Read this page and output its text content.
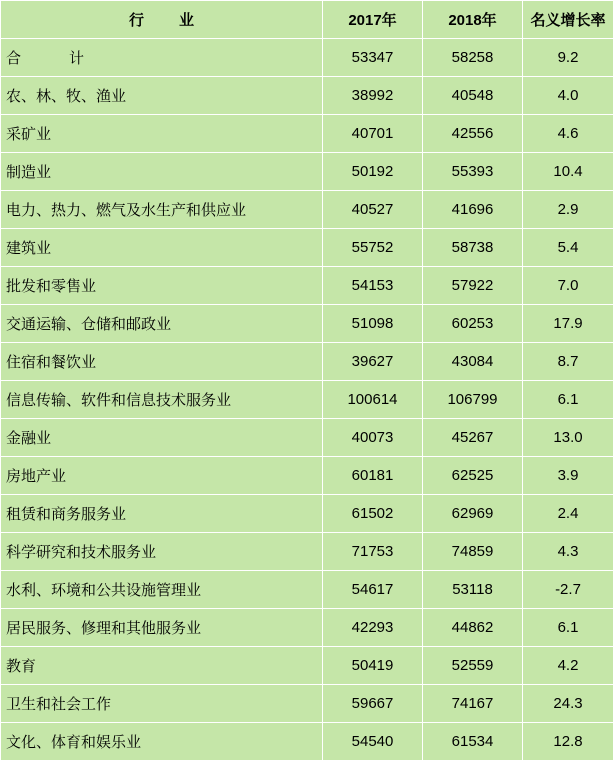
行　业	2017年	2018年	名义增长率
合　　计	53347	58258	9.2
农、林、牧、渔业	38992	40548	4.0
采矿业	40701	42556	4.6
制造业	50192	55393	10.4
电力、热力、燃气及水生产和供应业	40527	41696	2.9
建筑业	55752	58738	5.4
批发和零售业	54153	57922	7.0
交通运输、仓储和邮政业	51098	60253	17.9
住宿和餐饮业	39627	43084	8.7
信息传输、软件和信息技术服务业	100614	106799	6.1
金融业	40073	45267	13.0
房地产业	60181	62525	3.9
租赁和商务服务业	61502	62969	2.4
科学研究和技术服务业	71753	74859	4.3
水利、环境和公共设施管理业	54617	53118	-2.7
居民服务、修理和其他服务业	42293	44862	6.1
教育	50419	52559	4.2
卫生和社会工作	59667	74167	24.3
文化、体育和娱乐业	54540	61534	12.8
